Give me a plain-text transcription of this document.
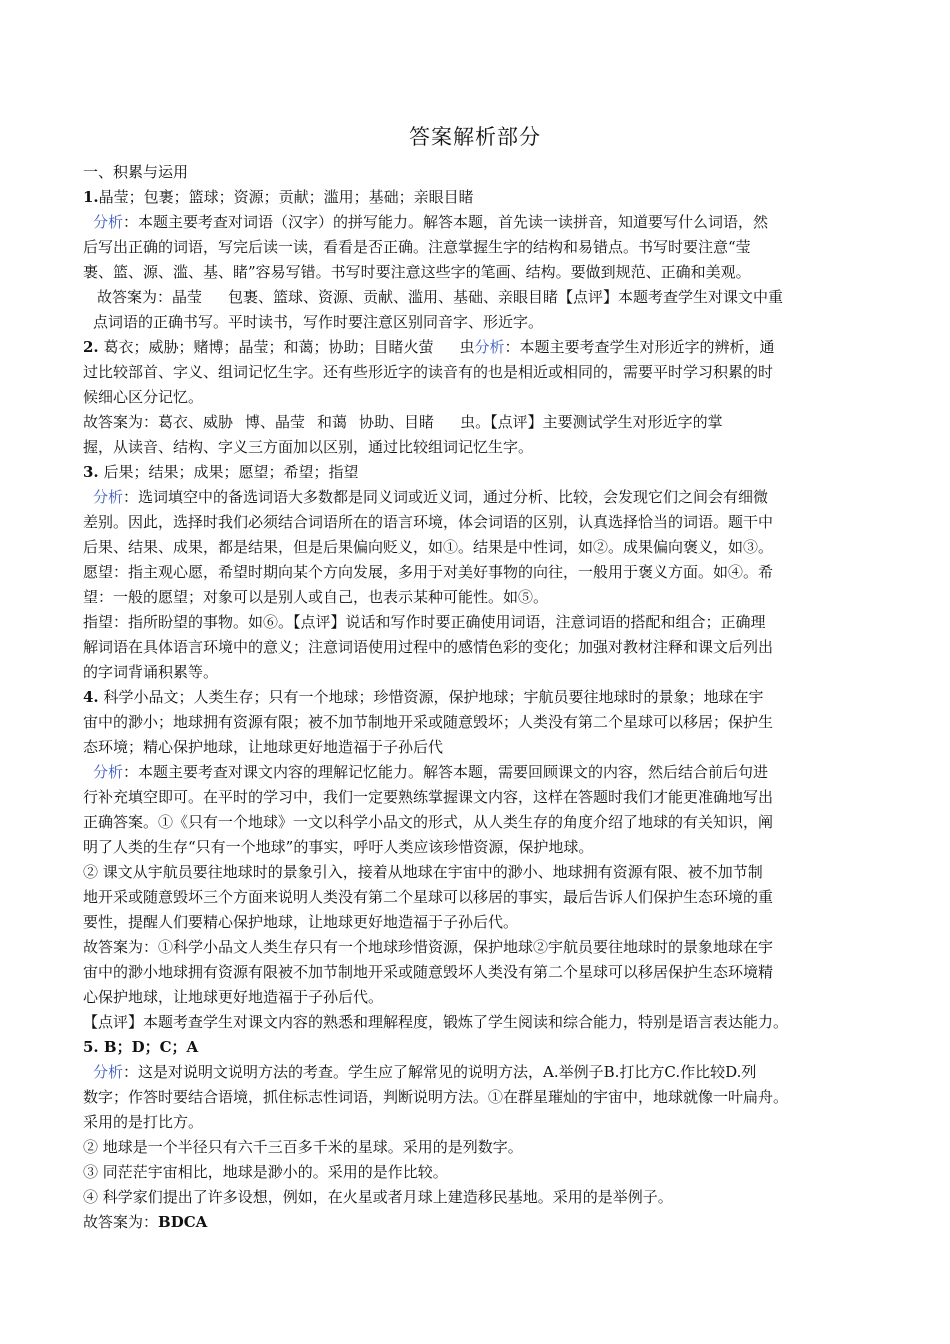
答案解析部分
一、积累与运用
1.晶莹；包裹；篮球；资源；贡献；滥用；基础；亲眼目睹
分析：本题主要考查对词语（汉字）的拼写能力。解答本题，首先读一读拼音，知道要写什么词语，然
后写出正确的词语，写完后读一读，看看是否正确。注意掌握生字的结构和易错点。书写时要注意“莹
裹、篮、源、滥、基、睹”容易写错。书写时要注意这些字的笔画、结构。要做到规范、正确和美观。
故答案为：晶莹 包裹、篮球、资源、贡献、滥用、基础、亲眼目睹【点评】本题考查学生对课文中重
点词语的正确书写。平时读书，写作时要注意区别同音字、形近字。
2. 葛衣；威胁；赌博；晶莹；和蔼；协助；目睹火萤 虫分析：本题主要考查学生对形近字的辨析，通
过比较部首、字义、组词记忆生字。还有些形近字的读音有的也是相近或相同的，需要平时学习积累的时
候细心区分记忆。
故答案为：葛衣、威胁 博、晶莹 和蔼 协助、目睹 虫。【点评】主要测试学生对形近字的掌
握，从读音、结构、字义三方面加以区别，通过比较组词记忆生字。
3. 后果；结果；成果；愿望；希望；指望
分析：选词填空中的备选词语大多数都是同义词或近义词，通过分析、比较，会发现它们之间会有细微
差别。因此，选择时我们必须结合词语所在的语言环境，体会词语的区别，认真选择恰当的词语。题干中
后果、结果、成果，都是结果，但是后果偏向贬义，如①。结果是中性词，如②。成果偏向褒义，如③。
愿望：指主观心愿，希望时期向某个方向发展，多用于对美好事物的向往，一般用于褒义方面。如④。希
望：一般的愿望；对象可以是别人或自己，也表示某种可能性。如⑤。
指望：指所盼望的事物。如⑥。【点评】说话和写作时要正确使用词语，注意词语的搭配和组合；正确理
解词语在具体语言环境中的意义；注意词语使用过程中的感情色彩的变化；加强对教材注释和课文后列出
的字词背诵积累等。
4. 科学小品文；人类生存；只有一个地球；珍惜资源，保护地球；宇航员要往地球时的景象；地球在宇
宙中的渺小；地球拥有资源有限；被不加节制地开采或随意毁坏；人类没有第二个星球可以移居；保护生
态环境；精心保护地球，让地球更好地造福于子孙后代
分析：本题主要考查对课文内容的理解记忆能力。解答本题，需要回顾课文的内容，然后结合前后句进
行补充填空即可。在平时的学习中，我们一定要熟练掌握课文内容，这样在答题时我们才能更准确地写出
正确答案。①《只有一个地球》一文以科学小品文的形式，从人类生存的角度介绍了地球的有关知识，阐
明了人类的生存“只有一个地球”的事实，呼吁人类应该珍惜资源，保护地球。
② 课文从宇航员要往地球时的景象引入，接着从地球在宇宙中的渺小、地球拥有资源有限、被不加节制
地开采或随意毁坏三个方面来说明人类没有第二个星球可以移居的事实，最后告诉人们保护生态环境的重
要性，提醒人们要精心保护地球，让地球更好地造福于子孙后代。
故答案为：①科学小品文人类生存只有一个地球珍惜资源，保护地球②宇航员要往地球时的景象地球在宇
宙中的渺小地球拥有资源有限被不加节制地开采或随意毁坏人类没有第二个星球可以移居保护生态环境精
心保护地球，让地球更好地造福于子孙后代。
【点评】本题考查学生对课文内容的熟悉和理解程度，锻炼了学生阅读和综合能力，特别是语言表达能力。
5. B；D；C；A
分析：这是对说明文说明方法的考查。学生应了解常见的说明方法，A.举例子B.打比方C.作比较D.列
数字；作答时要结合语境，抓住标志性词语，判断说明方法。①在群星璀灿的宇宙中，地球就像一叶扁舟。
采用的是打比方。
② 地球是一个半径只有六千三百多千米的星球。采用的是列数字。
③ 同茫茫宇宙相比，地球是渺小的。采用的是作比较。
④ 科学家们提出了许多设想，例如，在火星或者月球上建造移民基地。采用的是举例子。
故答案为：BDCA
